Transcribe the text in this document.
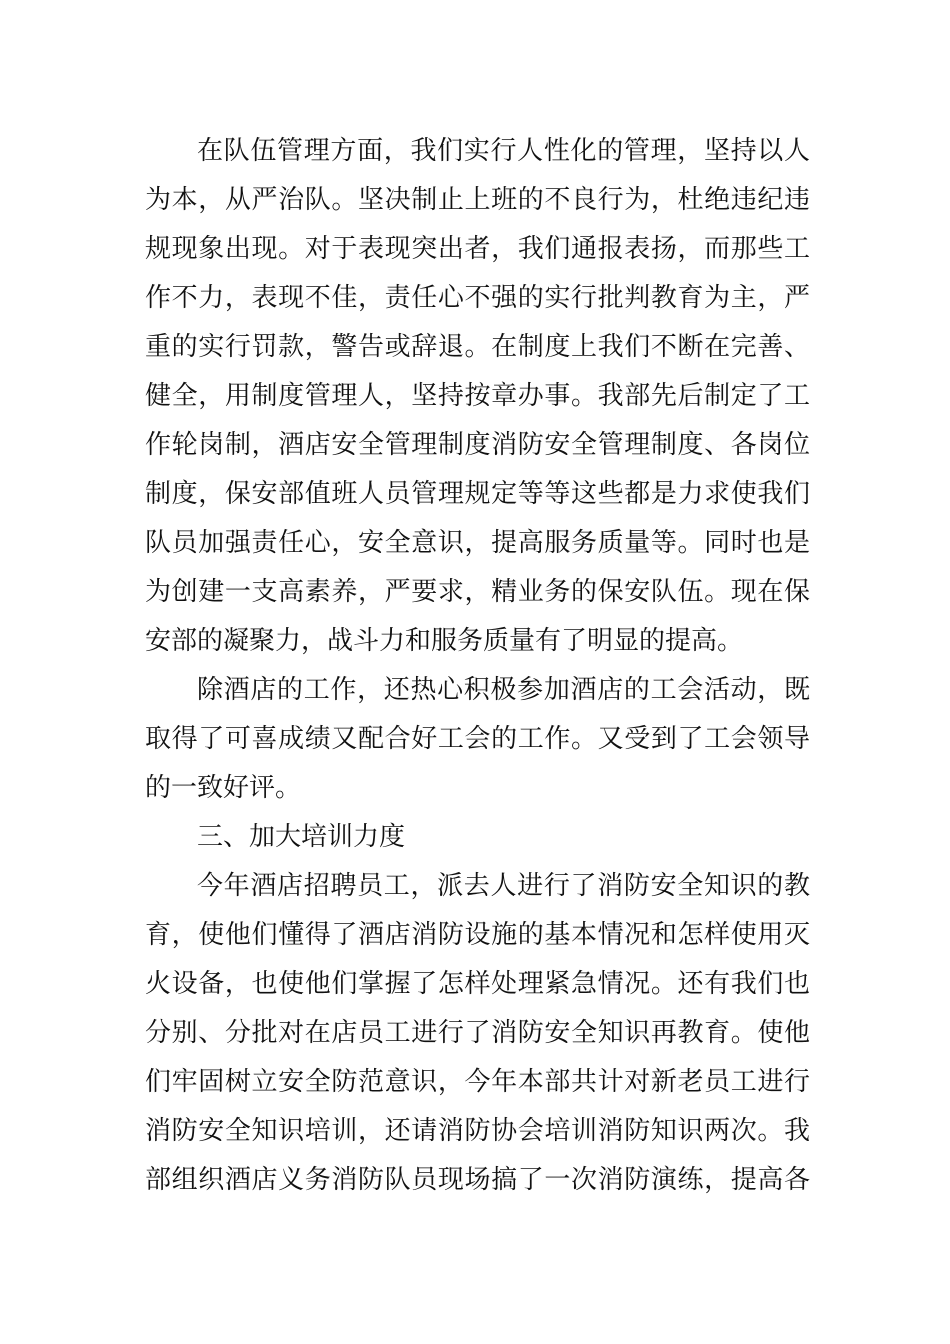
在队伍管理方面，我们实行人性化的管理，坚持以人
为本，从严治队。坚决制止上班的不良行为，杜绝违纪违
规现象出现。对于表现突出者，我们通报表扬，而那些工
作不力，表现不佳，责任心不强的实行批判教育为主，严
重的实行罚款，警告或辞退。在制度上我们不断在完善、
健全，用制度管理人，坚持按章办事。我部先后制定了工
作轮岗制，酒店安全管理制度消防安全管理制度、各岗位
制度，保安部值班人员管理规定等等这些都是力求使我们
队员加强责任心，安全意识，提高服务质量等。同时也是
为创建一支高素养，严要求，精业务的保安队伍。现在保
安部的凝聚力，战斗力和服务质量有了明显的提高。
除酒店的工作，还热心积极参加酒店的工会活动，既
取得了可喜成绩又配合好工会的工作。又受到了工会领导
的一致好评。
三、加大培训力度
今年酒店招聘员工，派去人进行了消防安全知识的教
育，使他们懂得了酒店消防设施的基本情况和怎样使用灭
火设备，也使他们掌握了怎样处理紧急情况。还有我们也
分别、分批对在店员工进行了消防安全知识再教育。使他
们牢固树立安全防范意识，今年本部共计对新老员工进行
消防安全知识培训，还请消防协会培训消防知识两次。我
部组织酒店义务消防队员现场搞了一次消防演练，提高各
